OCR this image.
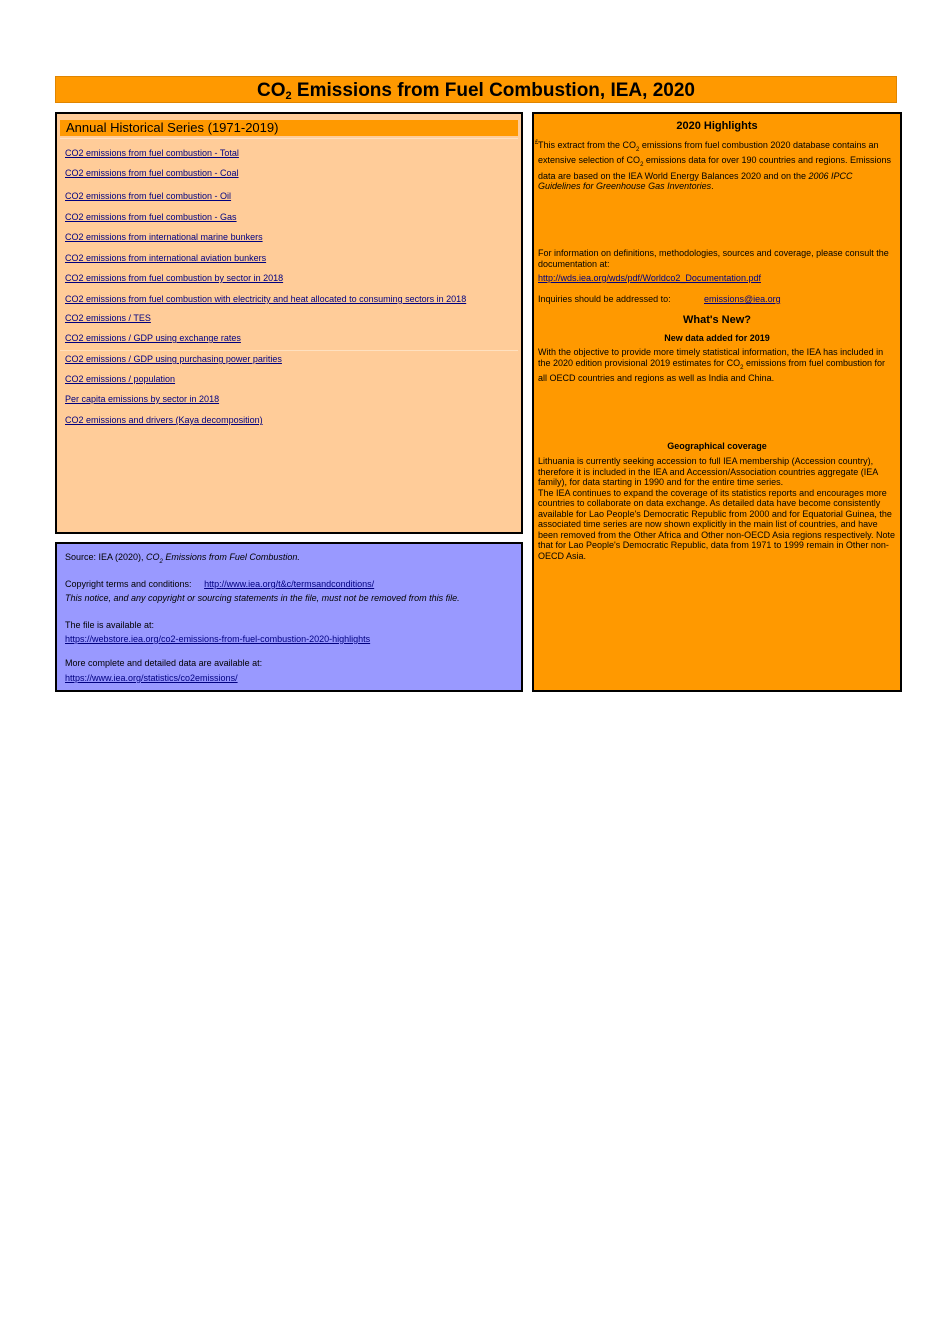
$CO_2$ Emissions from Fuel Combustion, IEA, 2020
Annual Historical Series (1971-2019)
CO2 emissions from fuel combustion - Total
CO2 emissions from fuel combustion - Coal
CO2 emissions from fuel combustion - Oil
CO2 emissions from fuel combustion - Gas
CO2 emissions from international marine bunkers
CO2 emissions from international aviation bunkers
CO2 emissions from fuel combustion by sector in 2018
CO2 emissions from fuel combustion with electricity and heat allocated to consuming sectors in 2018
CO2 emissions / TES
CO2 emissions / GDP using exchange rates
CO2 emissions / GDP using purchasing power parities
CO2 emissions / population
Per capita emissions by sector in 2018
CO2 emissions and drivers (Kaya decomposition)
Source: IEA (2020), $CO_2$ Emissions from Fuel Combustion.
Copyright terms and conditions: http://www.iea.org/t&c/termsandconditions/
This notice, and any copyright or sourcing statements in the file, must not be removed from this file.
The file is available at:
https://webstore.iea.org/co2-emissions-from-fuel-combustion-2020-highlights
More complete and detailed data are available at:
https://www.iea.org/statistics/co2emissions/
2020 Highlights
£ This extract from the $CO_2$ emissions from fuel combustion 2020 database contains an extensive selection of $CO_2$ emissions data for over 190 countries and regions. Emissions data are based on the IEA World Energy Balances 2020 and on the 2006 IPCC Guidelines for Greenhouse Gas Inventories.
For information on definitions, methodologies, sources and coverage, please consult the documentation at:
http://wds.iea.org/wds/pdf/Worldco2_Documentation.pdf
Inquiries should be addressed to:	emissions@iea.org
What's New?
New data added for 2019
With the objective to provide more timely statistical information, the IEA has included in the 2020 edition provisional 2019 estimates for $CO_2$ emissions from fuel combustion for all OECD countries and regions as well as India and China.
Geographical coverage
Lithuania is currently seeking accession to full IEA membership (Accession country), therefore it is included in the IEA and Accession/Association countries aggregate (IEA family), for data starting in 1990 and for the entire time series.
The IEA continues to expand the coverage of its statistics reports and encourages more countries to collaborate on data exchange. As detailed data have become consistently available for Lao People's Democratic Republic from 2000 and for Equatorial Guinea, the associated time series are now shown explicitly in the main list of countries, and have been removed from the Other Africa and Other non-OECD Asia regions respectively. Note that for Lao People's Democratic Republic, data from 1971 to 1999 remain in Other non-OECD Asia.
